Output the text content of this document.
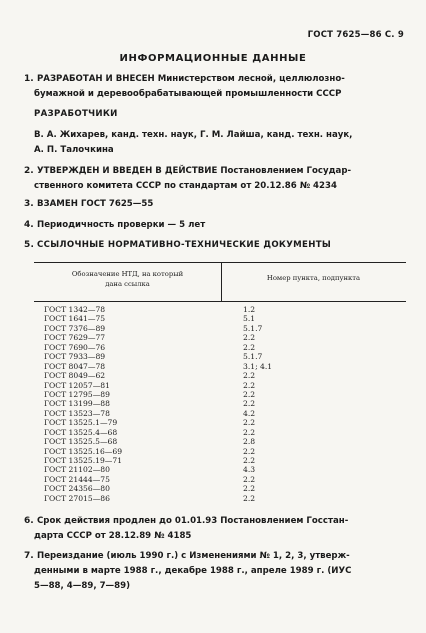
ГОСТ 7625—86 С. 9
ИНФОРМАЦИОННЫЕ ДАННЫЕ
1. РАЗРАБОТАН И ВНЕСЕН Министерством лесной, целлюлозно-
бумажной и деревообрабатывающей промышленности СССР
РАЗРАБОТЧИКИ
В. А. Жихарев, канд. техн. наук, Г. М. Лайша, канд. техн. наук,
А. П. Талочкина
2. УТВЕРЖДЕН И ВВЕДЕН В ДЕЙСТВИЕ Постановлением Государ-
ственного комитета СССР по стандартам от 20.12.86 № 4234
3. ВЗАМЕН ГОСТ 7625—55
4. Периодичность проверки — 5 лет
5. ССЫЛОЧНЫЕ НОРМАТИВНО-ТЕХНИЧЕСКИЕ ДОКУМЕНТЫ
Обозначение НТД, на который
дана ссылка
Номер пункта, подпункта
ГОСТ 1342—78	1.2
ГОСТ 1641—75	5.1
ГОСТ 7376—89	5.1.7
ГОСТ 7629—77	2.2
ГОСТ 7690—76	2.2
ГОСТ 7933—89	5.1.7
ГОСТ 8047—78	3.1; 4.1
ГОСТ 8049—62	2.2
ГОСТ 12057—81	2.2
ГОСТ 12795—89	2.2
ГОСТ 13199—88	2.2
ГОСТ 13523—78	4.2
ГОСТ 13525.1—79	2.2
ГОСТ 13525.4—68	2.2
ГОСТ 13525.5—68	2.8
ГОСТ 13525.16—69	2.2
ГОСТ 13525.19—71	2.2
ГОСТ 21102—80	4.3
ГОСТ 21444—75	2.2
ГОСТ 24356—80	2.2
ГОСТ 27015—86	2.2
6. Срок действия продлен до 01.01.93 Постановлением Госстан-
дарта СССР от 28.12.89 № 4185
7. Переиздание (июль 1990 г.) с Изменениями № 1, 2, 3, утверж-
денными в марте 1988 г., декабре 1988 г., апреле 1989 г. (ИУС
5—88, 4—89, 7—89)
